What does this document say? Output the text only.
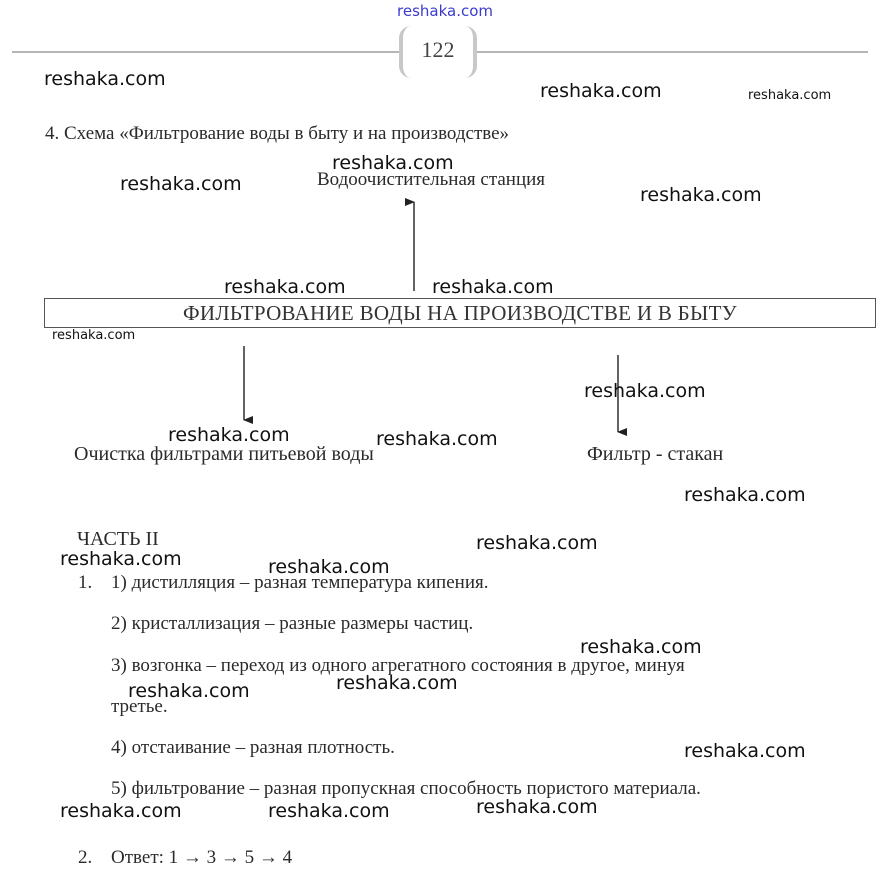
reshaka.com
122
4. Схема «Фильтрование воды в быту и на производстве»
Водоочистительная станция
ФИЛЬТРОВАНИЕ ВОДЫ НА ПРОИЗВОДСТВЕ И В БЫТУ
Очистка фильтрами питьевой воды	Фильтр - стакан
ЧАСТЬ II
1. 1) дистилляция – разная температура кипения.
2) кристаллизация – разные размеры частиц.
3) возгонка – переход из одного агрегатного состояния в другое, минуя
третье.
4) отстаивание – разная плотность.
5) фильтрование – разная пропускная способность пористого материала.
2. Ответ: 1 → 3 → 5 → 4
reshaka.com
reshaka.com	reshaka.com
reshaka.com
reshaka.com	reshaka.com
reshaka.com	reshaka.com
reshaka.com
reshaka.com
reshaka.com	reshaka.com
reshaka.com
reshaka.com
reshaka.com	reshaka.com
reshaka.com
reshaka.com
reshaka.com
reshaka.com
reshaka.com
reshaka.com	reshaka.com
